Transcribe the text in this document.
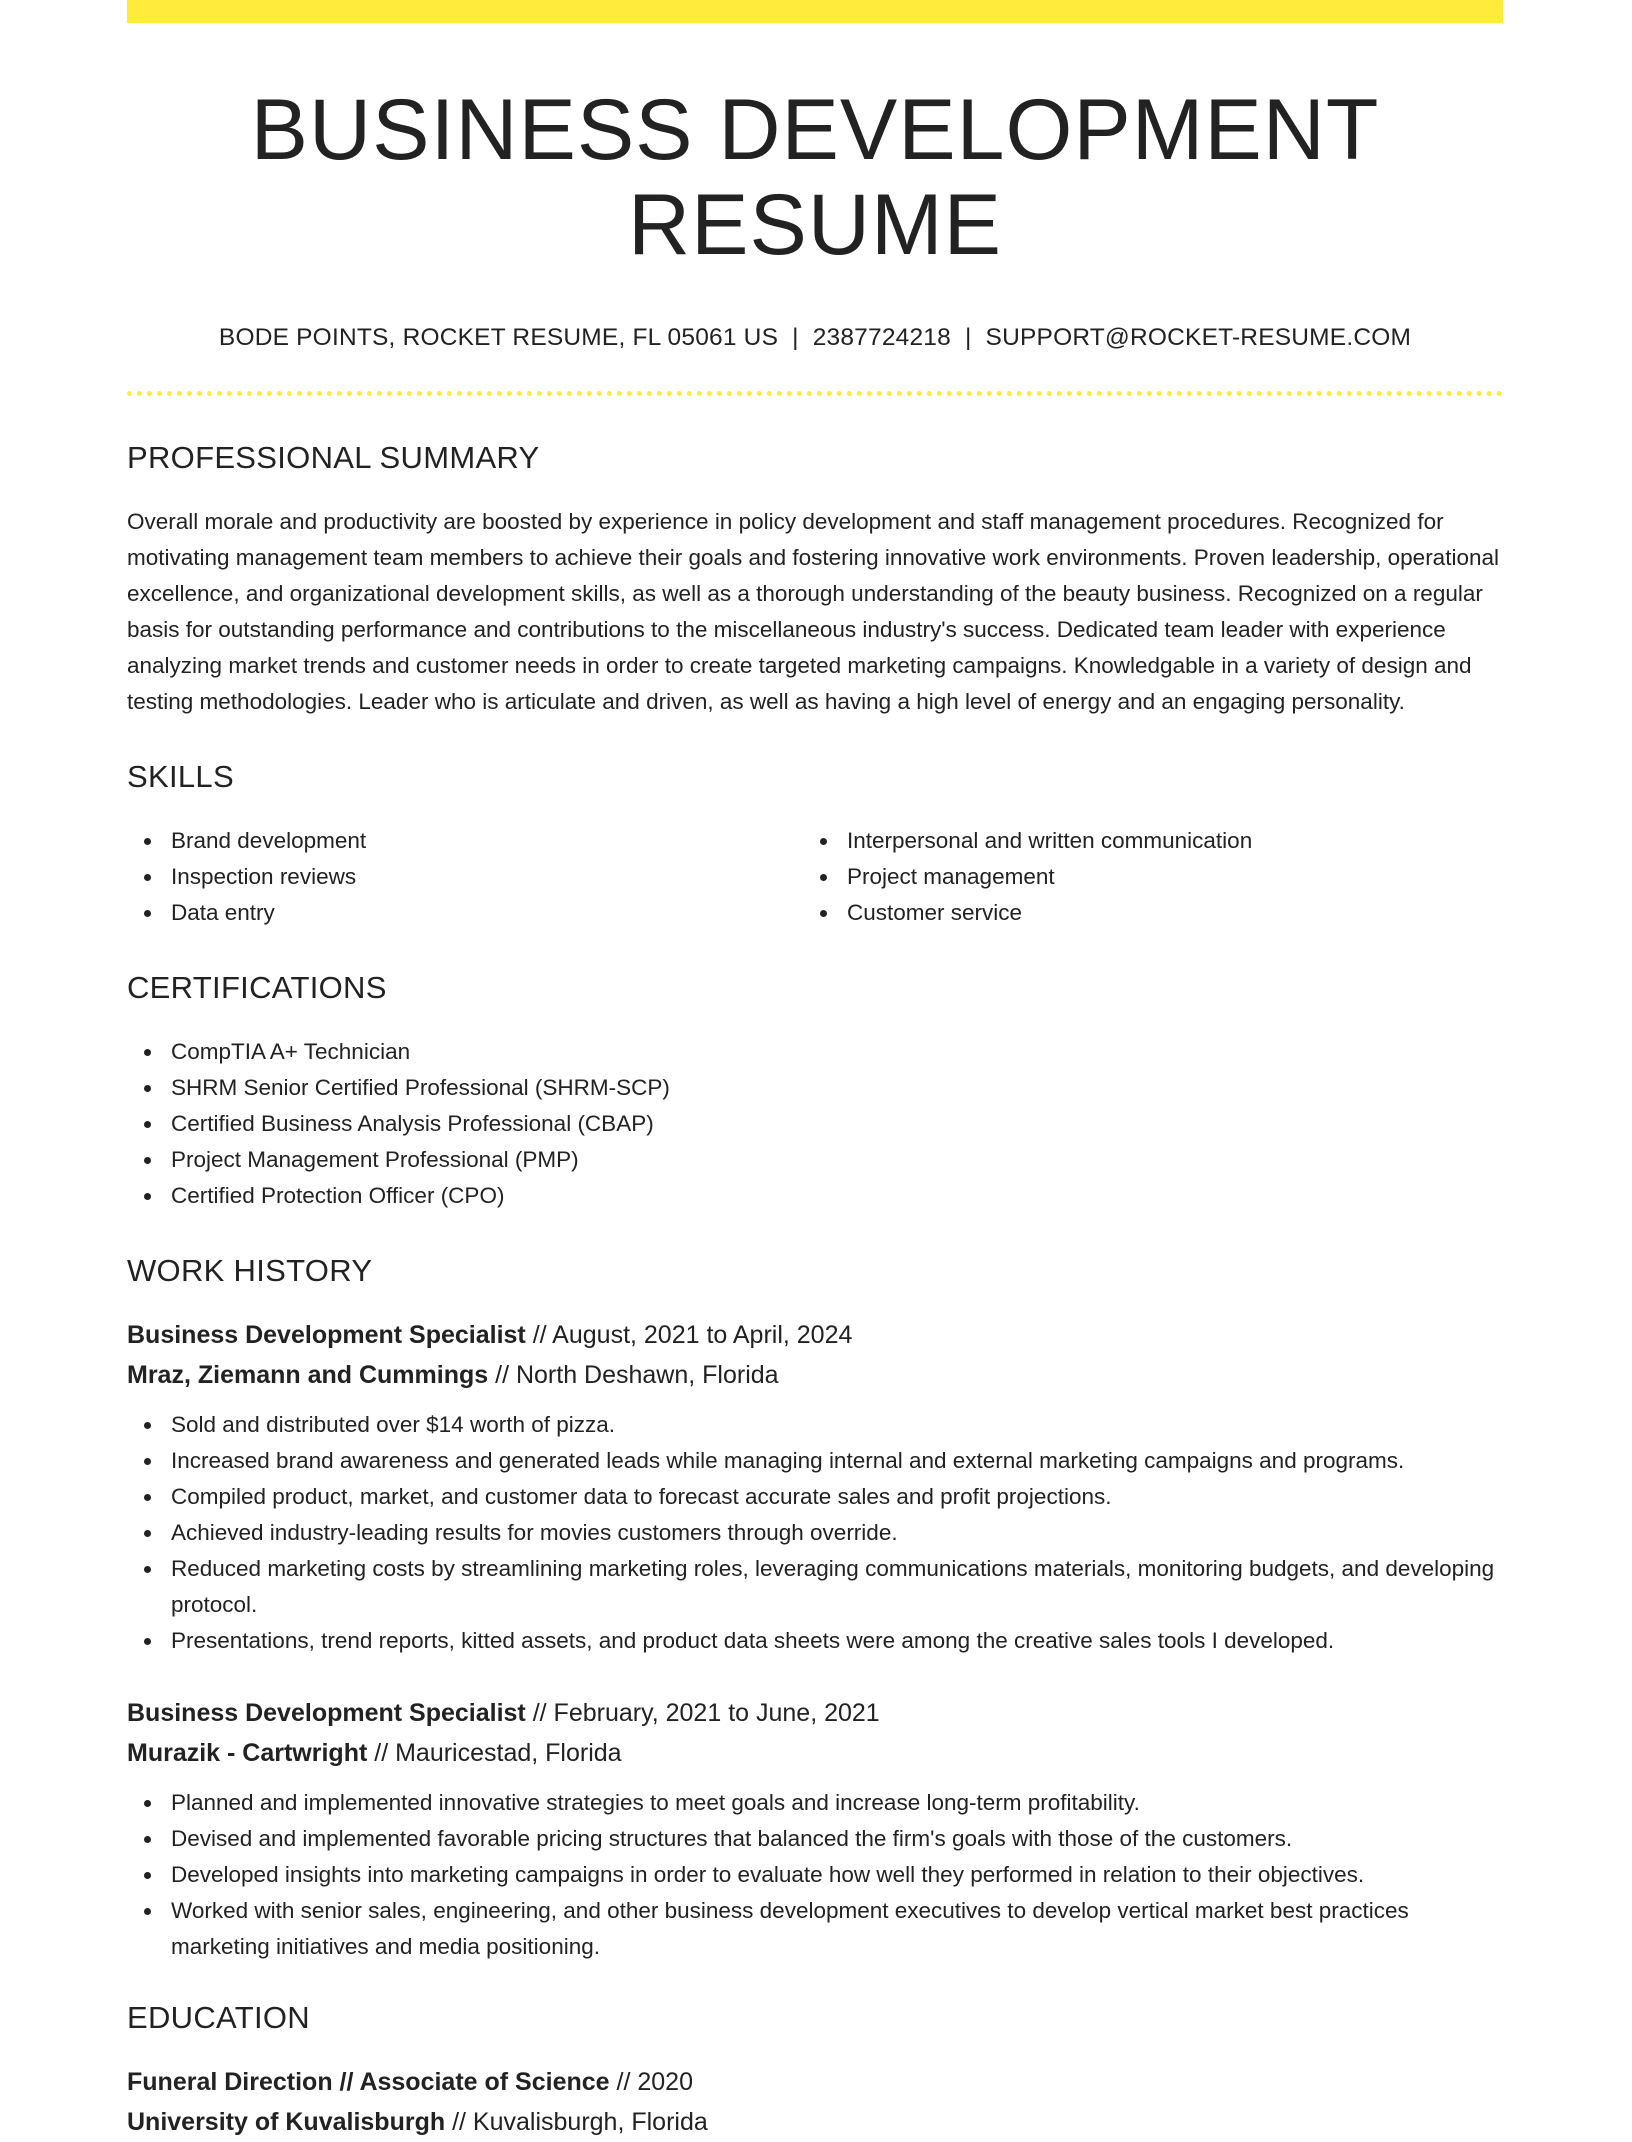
BUSINESS DEVELOPMENT RESUME
BODE POINTS, ROCKET RESUME, FL 05061 US | 2387724218 | SUPPORT@ROCKET-RESUME.COM
PROFESSIONAL SUMMARY
Overall morale and productivity are boosted by experience in policy development and staff management procedures. Recognized for motivating management team members to achieve their goals and fostering innovative work environments. Proven leadership, operational excellence, and organizational development skills, as well as a thorough understanding of the beauty business. Recognized on a regular basis for outstanding performance and contributions to the miscellaneous industry's success. Dedicated team leader with experience analyzing market trends and customer needs in order to create targeted marketing campaigns. Knowledgable in a variety of design and testing methodologies. Leader who is articulate and driven, as well as having a high level of energy and an engaging personality.
SKILLS
Brand development
Inspection reviews
Data entry
Interpersonal and written communication
Project management
Customer service
CERTIFICATIONS
CompTIA A+ Technician
SHRM Senior Certified Professional (SHRM-SCP)
Certified Business Analysis Professional (CBAP)
Project Management Professional (PMP)
Certified Protection Officer (CPO)
WORK HISTORY
Business Development Specialist // August, 2021 to April, 2024
Mraz, Ziemann and Cummings // North Deshawn, Florida
Sold and distributed over $14 worth of pizza.
Increased brand awareness and generated leads while managing internal and external marketing campaigns and programs.
Compiled product, market, and customer data to forecast accurate sales and profit projections.
Achieved industry-leading results for movies customers through override.
Reduced marketing costs by streamlining marketing roles, leveraging communications materials, monitoring budgets, and developing protocol.
Presentations, trend reports, kitted assets, and product data sheets were among the creative sales tools I developed.
Business Development Specialist // February, 2021 to June, 2021
Murazik - Cartwright // Mauricestad, Florida
Planned and implemented innovative strategies to meet goals and increase long-term profitability.
Devised and implemented favorable pricing structures that balanced the firm's goals with those of the customers.
Developed insights into marketing campaigns in order to evaluate how well they performed in relation to their objectives.
Worked with senior sales, engineering, and other business development executives to develop vertical market best practices marketing initiatives and media positioning.
EDUCATION
Funeral Direction // Associate of Science // 2020
University of Kuvalisburgh // Kuvalisburgh, Florida
